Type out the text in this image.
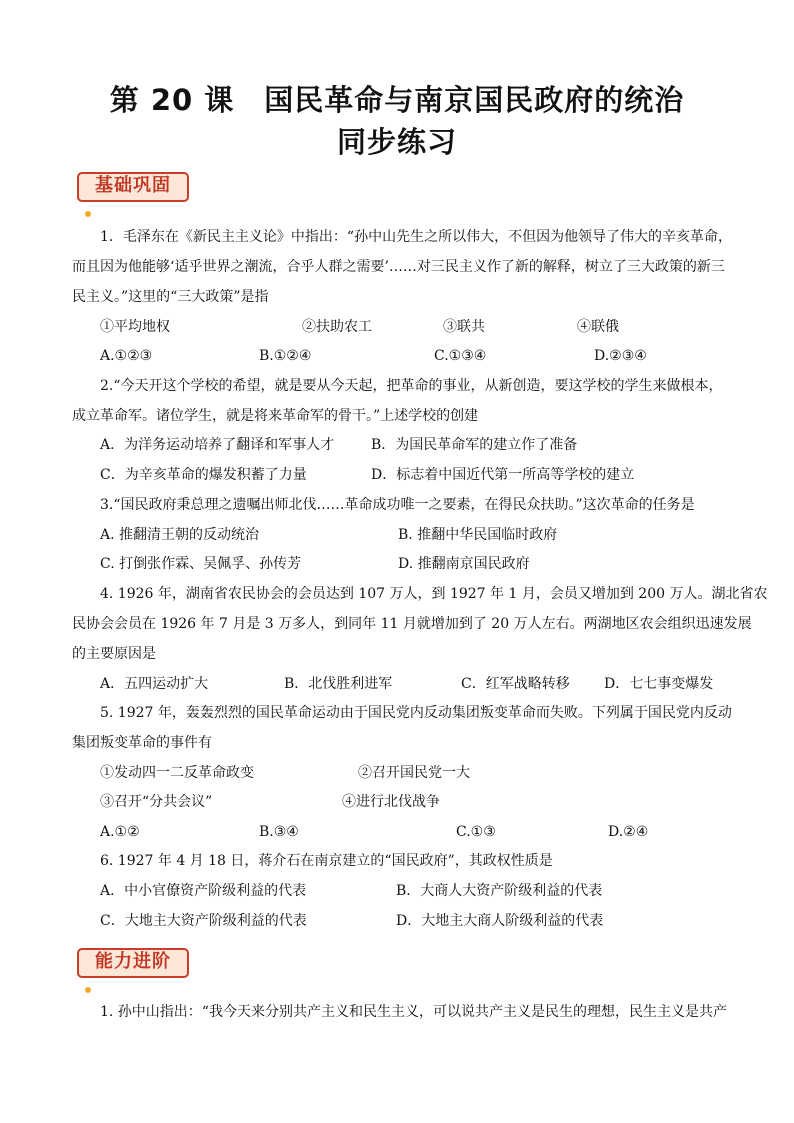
第 20 课　国民革命与南京国民政府的统治
同步练习
基础巩固
1．毛泽东在《新民主主义论》中指出：“孙中山先生之所以伟大，不但因为他领导了伟大的辛亥革命，
而且因为他能够‘适乎世界之潮流，合乎人群之需要’……对三民主义作了新的解释，树立了三大政策的新三
民主义。”这里的“三大政策”是指
①平均地权	②扶助农工	③联共	④联俄
A.①②③	B.①②④	C.①③④	D.②③④
2.“今天开这个学校的希望，就是要从今天起，把革命的事业，从新创造，要这学校的学生来做根本，
成立革命军。诸位学生，就是将来革命军的骨干。”上述学校的创建
A．为洋务运动培养了翻译和军事人才	B．为国民革命军的建立作了准备
C．为辛亥革命的爆发积蓄了力量	D．标志着中国近代第一所高等学校的建立
3.“国民政府秉总理之遗嘱出师北伐……革命成功唯一之要素，在得民众扶助。”这次革命的任务是
A. 推翻清王朝的反动统治	B. 推翻中华民国临时政府
C. 打倒张作霖、吴佩孚、孙传芳	D. 推翻南京国民政府
4. 1926 年，湖南省农民协会的会员达到 107 万人，到 1927 年 1 月，会员又增加到 200 万人。湖北省农
民协会会员在 1926 年 7 月是 3 万多人，到同年 11 月就增加到了 20 万人左右。两湖地区农会组织迅速发展
的主要原因是
A．五四运动扩大	B．北伐胜利进军	C．红军战略转移 D．七七事变爆发
5. 1927 年，轰轰烈烈的国民革命运动由于国民党内反动集团叛变革命而失败。下列属于国民党内反动
集团叛变革命的事件有
①发动四一二反革命政变	②召开国民党一大
③召开“分共会议”	④进行北伐战争
A.①②	B.③④	C.①③	D.②④
6. 1927 年 4 月 18 日，蒋介石在南京建立的“国民政府”，其政权性质是
A．中小官僚资产阶级利益的代表	B．大商人大资产阶级利益的代表
C．大地主大资产阶级利益的代表	D．大地主大商人阶级利益的代表
能力进阶
1. 孙中山指出：“我今天来分别共产主义和民生主义，可以说共产主义是民生的理想，民生主义是共产
